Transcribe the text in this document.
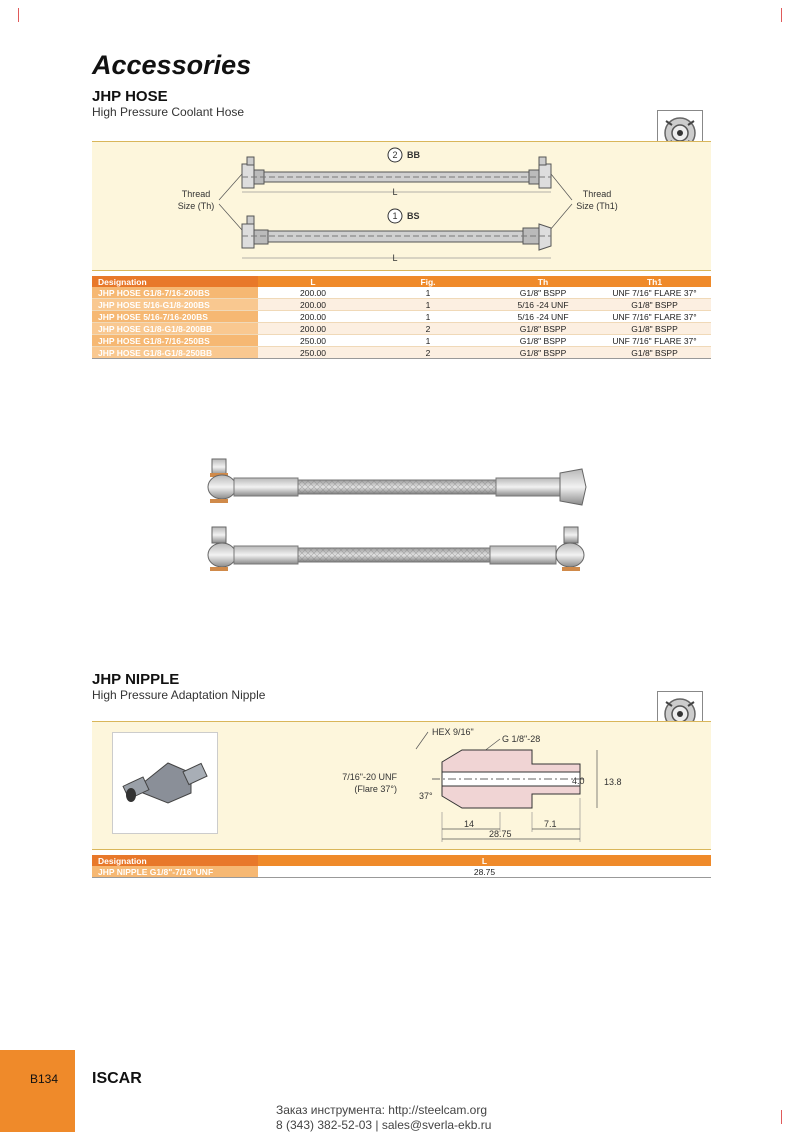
Accessories
JHP HOSE
High Pressure Coolant Hose
2 BB
L
Thread
Size (Th)
Thread
Size (Th1)
1 BS
L
Designation	L	Fig.	Th	Th1
JHP HOSE G1/8-7/16-200BS	200.00	1	G1/8" BSPP	UNF 7/16" FLARE 37°
JHP HOSE 5/16-G1/8-200BS	200.00	1	5/16 -24 UNF	G1/8" BSPP
JHP HOSE 5/16-7/16-200BS	200.00	1	5/16 -24 UNF	UNF 7/16" FLARE 37°
JHP HOSE G1/8-G1/8-200BB	200.00	2	G1/8" BSPP	G1/8" BSPP
JHP HOSE G1/8-7/16-250BS	250.00	1	G1/8" BSPP	UNF 7/16" FLARE 37°
JHP HOSE G1/8-G1/8-250BB	250.00	2	G1/8" BSPP	G1/8" BSPP
JHP NIPPLE
High Pressure Adaptation Nipple
HEX 9/16"
G 1/8"-28
7/16"-20 UNF
(Flare 37°)
37°
4.0 13.8
14	7.1
28.75
Designation	L
JHP NIPPLE G1/8"-7/16"UNF	28.75
B134 ISCAR
Заказ инструмента: http://steelcam.org
8 (343) 382-52-03 | sales@sverla-ekb.ru
